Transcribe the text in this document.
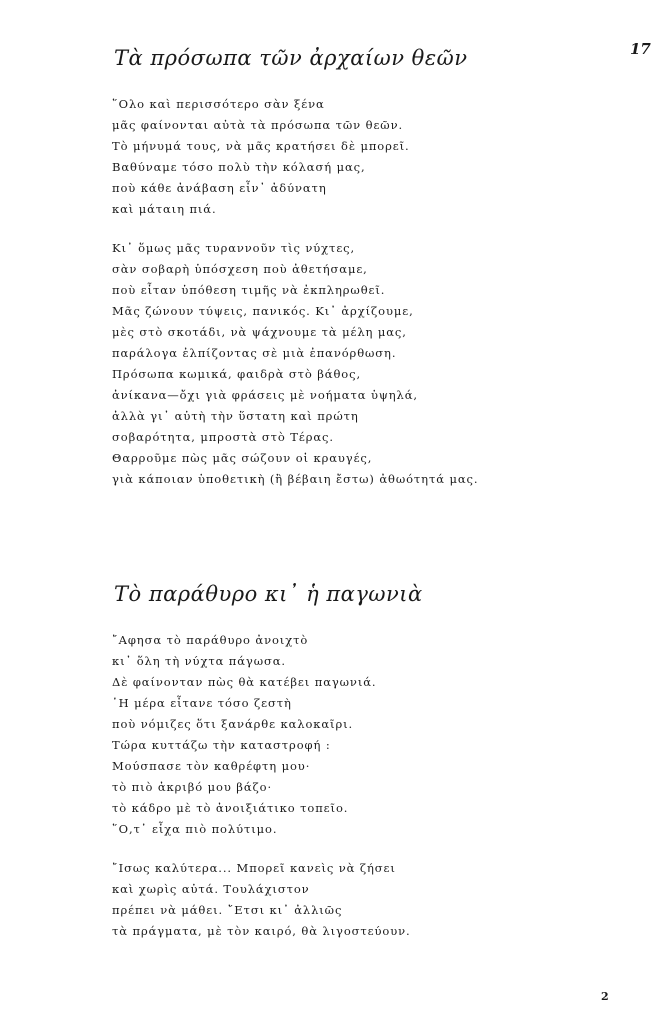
17
Τὰ πρόσωπα τῶν ἀρχαίων θεῶν
῞Ολο καὶ περισσότερο σὰν ξένα
μᾶς φαίνονται αὐτὰ τὰ πρόσωπα τῶν θεῶν.
Τὸ μήνυμά τους, νὰ μᾶς κρατήσει δὲ μπορεῖ.
Βαθύναμε τόσο πολὺ τὴν κόλασή μας,
ποὺ κάθε ἀνάβαση εἶν᾿ ἀδύνατη
καὶ μάταιη πιά.
Κι᾿ ὅμως μᾶς τυραννοῦν τὶς νύχτες,
σὰν σοβαρὴ ὑπόσχεση ποὺ ἀθετήσαμε,
ποὺ εἶταν ὑπόθεση τιμῆς νὰ ἐκπληρωθεῖ.
Μᾶς ζώνουν τύψεις, πανικός. Κι᾿ ἀρχίζουμε,
μὲς στὸ σκοτάδι, νὰ ψάχνουμε τὰ μέλη μας,
παράλογα ἐλπίζοντας σὲ μιὰ ἐπανόρθωση.
Πρόσωπα κωμικά, φαιδρὰ στὸ βάθος,
ἀνίκανα—ὄχι γιὰ φράσεις μὲ νοήματα ὑψηλά,
ἀλλὰ γι᾿ αὐτὴ τὴν ὕστατη καὶ πρώτη
σοβαρότητα, μπροστὰ στὸ Τέρας.
Θαρροῦμε πὼς μᾶς σώζουν οἱ κραυγές,
γιὰ κάποιαν ὑποθετικὴ (ἢ βέβαιη ἔστω) ἀθωότητά μας.
Τὸ παράθυρο κι᾿ ἡ παγωνιὰ
῎Αφησα τὸ παράθυρο ἀνοιχτὸ
κι᾿ ὅλη τὴ νύχτα πάγωσα.
Δὲ φαίνονταν πὼς θὰ κατέβει παγωνιά.
῾Η μέρα εἶτανε τόσο ζεστὴ
ποὺ νόμιζες ὅτι ξανάρθε καλοκαῖρι.
Τώρα κυττάζω τὴν καταστροφή :
Μούσπασε τὸν καθρέφτη μου·
τὸ πιὸ ἀκριβό μου βάζο·
τὸ κάδρο μὲ τὸ ἀνοιξιάτικο τοπεῖο.
῞Ο,τ᾿ εἶχα πιὸ πολύτιμο.
῎Ισως καλύτερα... Μπορεῖ κανεὶς νὰ ζήσει
καὶ χωρὶς αὐτά. Τουλάχιστον
πρέπει νὰ μάθει. ῎Ετσι κι᾿ ἀλλιῶς
τὰ πράγματα, μὲ τὸν καιρό, θὰ λιγοστεύουν.
2
